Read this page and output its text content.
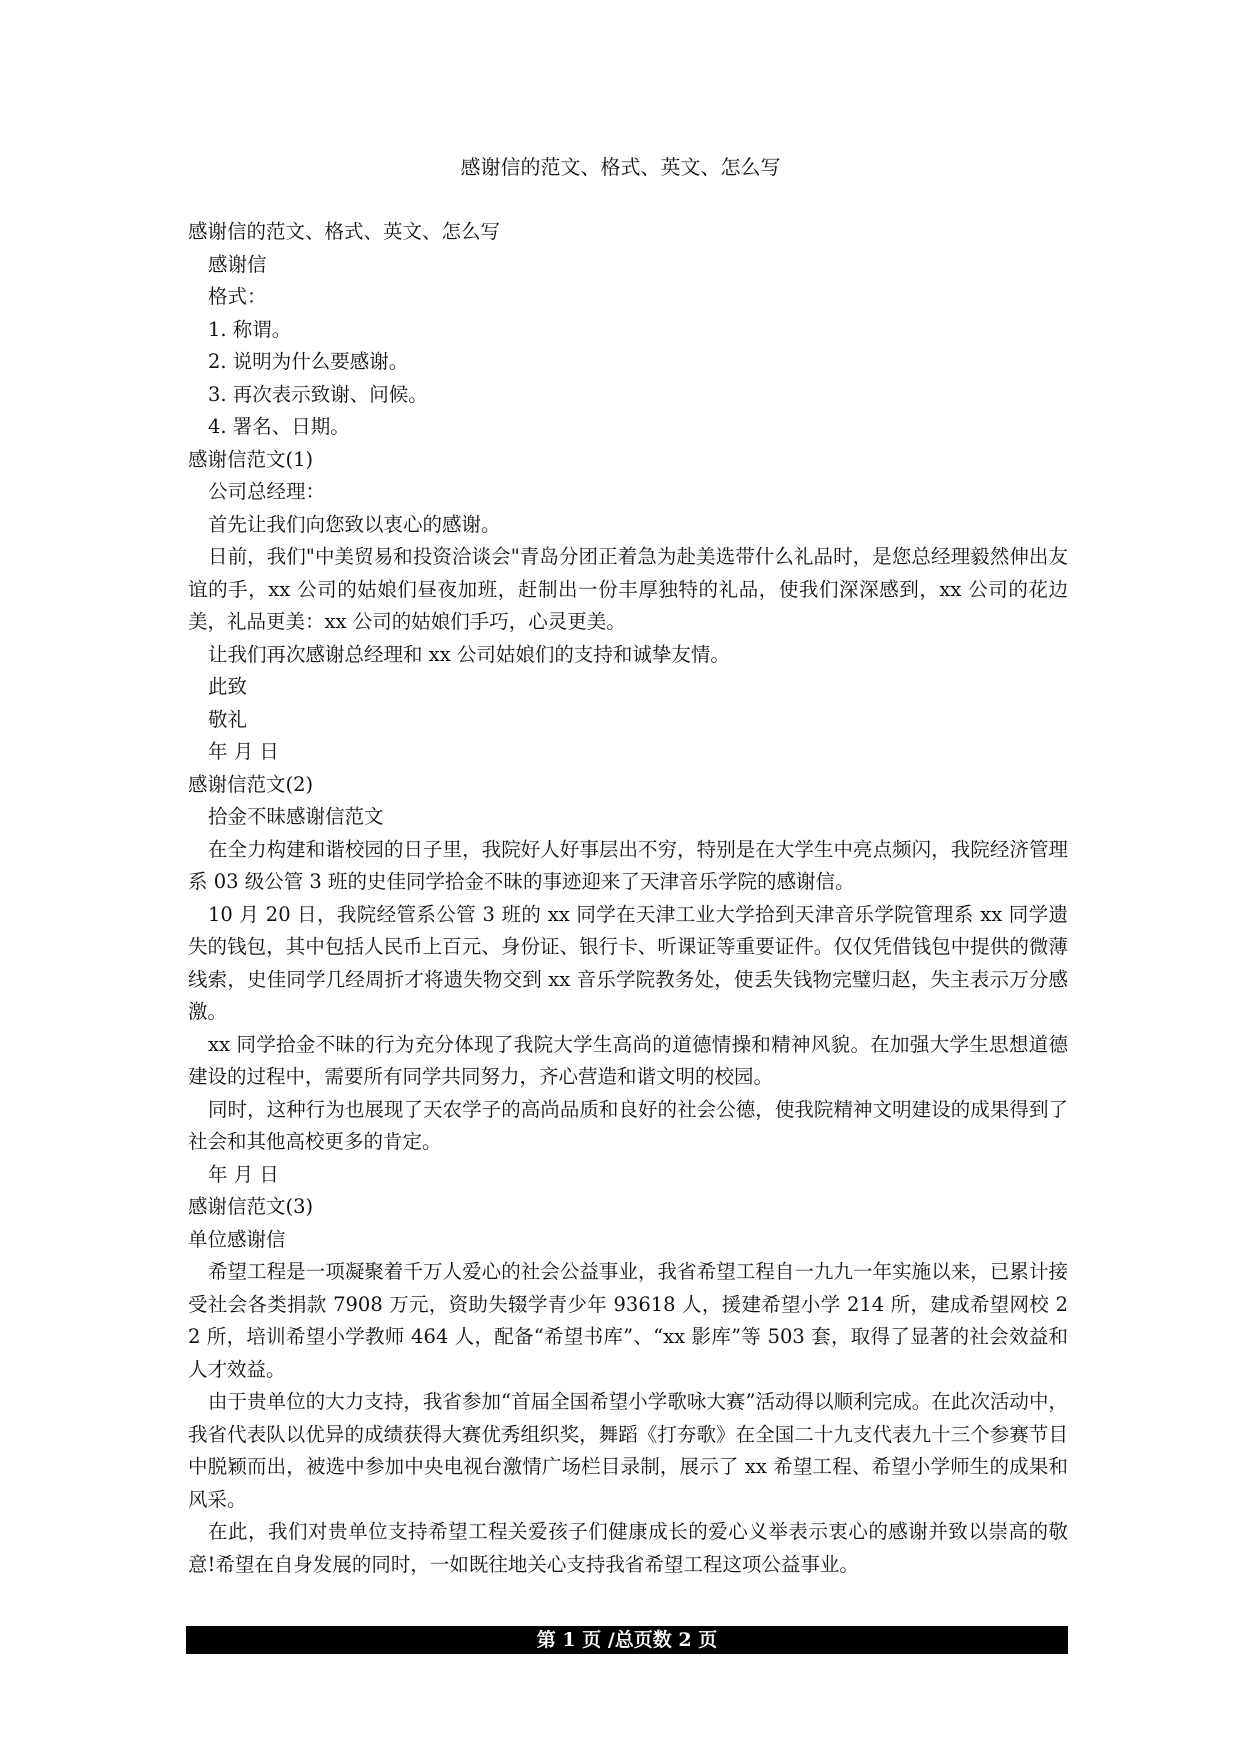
感谢信的范文、格式、英文、怎么写

感谢信的范文、格式、英文、怎么写

感谢信

格式：

1. 称谓。

2. 说明为什么要感谢。

3. 再次表示致谢、问候。

4. 署名、日期。

感谢信范文(1)

公司总经理：

首先让我们向您致以衷心的感谢。

日前，我们"中美贸易和投资洽谈会"青岛分团正着急为赴美选带什么礼品时，是您总经理毅然伸出友谊的手，xx 公司的姑娘们昼夜加班，赶制出一份丰厚独特的礼品，使我们深深感到，xx 公司的花边美，礼品更美：xx 公司的姑娘们手巧，心灵更美。

让我们再次感谢总经理和 xx 公司姑娘们的支持和诚挚友情。

此致

敬礼

年 月 日

感谢信范文(2)

拾金不昧感谢信范文

在全力构建和谐校园的日子里，我院好人好事层出不穷，特别是在大学生中亮点频闪，我院经济管理系 03 级公管 3 班的史佳同学拾金不昧的事迹迎来了天津音乐学院的感谢信。

10 月 20 日，我院经管系公管 3 班的 xx 同学在天津工业大学拾到天津音乐学院管理系 xx 同学遗失的钱包，其中包括人民币上百元、身份证、银行卡、听课证等重要证件。仅仅凭借钱包中提供的微薄线索，史佳同学几经周折才将遗失物交到 xx 音乐学院教务处，使丢失钱物完璧归赵，失主表示万分感激。

xx 同学拾金不昧的行为充分体现了我院大学生高尚的道德情操和精神风貌。在加强大学生思想道德建设的过程中，需要所有同学共同努力，齐心营造和谐文明的校园。

同时，这种行为也展现了天农学子的高尚品质和良好的社会公德，使我院精神文明建设的成果得到了社会和其他高校更多的肯定。

年 月 日

感谢信范文(3)

单位感谢信

希望工程是一项凝聚着千万人爱心的社会公益事业，我省希望工程自一九九一年实施以来，已累计接受社会各类捐款 7908 万元，资助失辍学青少年 93618 人，援建希望小学 214 所，建成希望网校 22 所，培训希望小学教师 464 人，配备“希望书库”、“xx 影库”等 503 套，取得了显著的社会效益和人才效益。

由于贵单位的大力支持，我省参加“首届全国希望小学歌咏大赛”活动得以顺利完成。在此次活动中，我省代表队以优异的成绩获得大赛优秀组织奖，舞蹈《打夯歌》在全国二十九支代表九十三个参赛节目中脱颖而出，被选中参加中央电视台激情广场栏目录制，展示了 xx 希望工程、希望小学师生的成果和风采。

在此，我们对贵单位支持希望工程关爱孩子们健康成长的爱心义举表示衷心的感谢并致以崇高的敬意!希望在自身发展的同时，一如既往地关心支持我省希望工程这项公益事业。

第 1 页 /总页数 2 页
